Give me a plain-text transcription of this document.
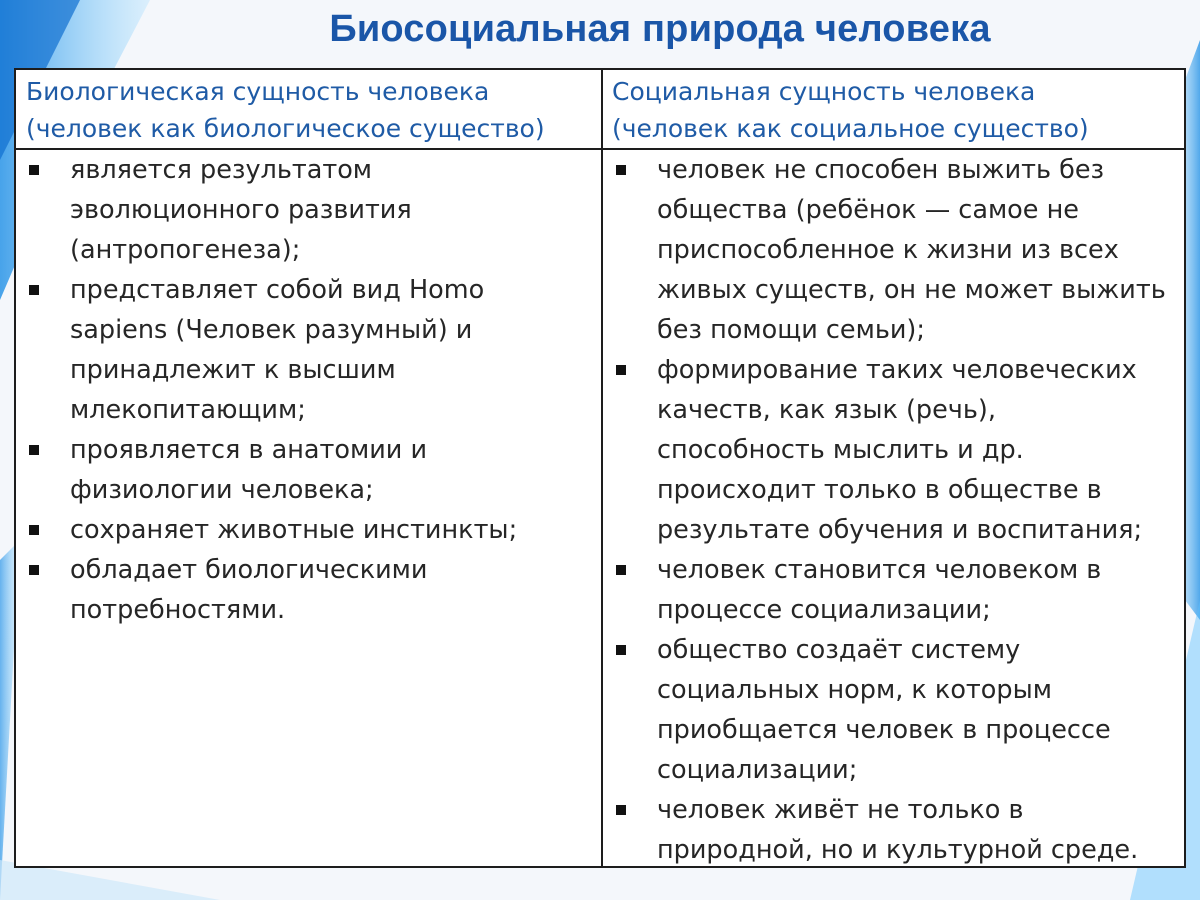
Биосоциальная природа человека
Биологическая сущность человека
(человек как биологическое существо)
Социальная сущность человека
(человек как социальное существо)
является результатом
эволюционного развития
(антропогенеза);
представляет собой вид Homo
sapiens (Человек разумный) и
принадлежит к высшим
млекопитающим;
проявляется в анатомии и
физиологии человека;
сохраняет животные инстинкты;
обладает биологическими
потребностями.
человек не способен выжить без
общества (ребёнок — самое не
приспособленное к жизни из всех
живых существ, он не может выжить
без помощи семьи);
формирование таких человеческих
качеств, как язык (речь),
способность мыслить и др.
происходит только в обществе в
результате обучения и воспитания;
человек становится человеком в
процессе социализации;
общество создаёт систему
социальных норм, к которым
приобщается человек в процессе
социализации;
человек живёт не только в
природной, но и культурной среде.
